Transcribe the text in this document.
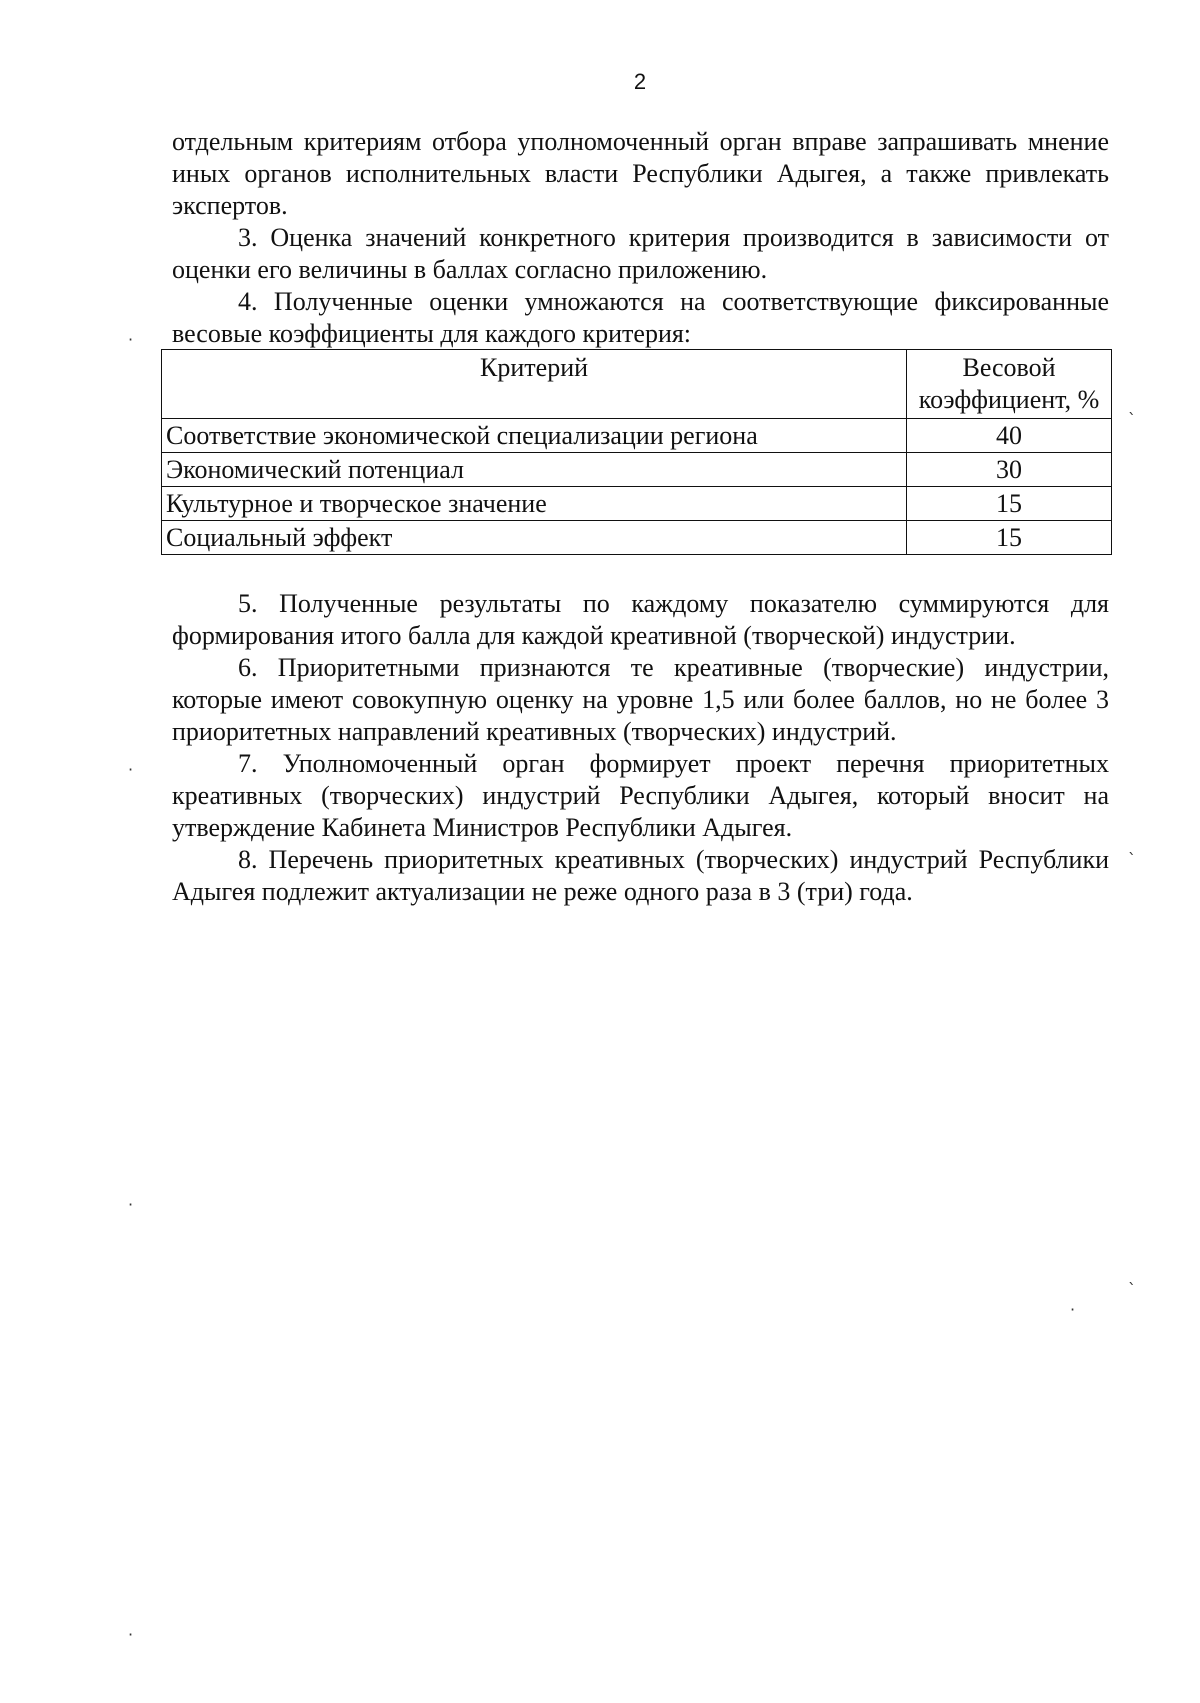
2

отдельным критериям отбора уполномоченный орган вправе запрашивать мнение иных органов исполнительных власти Республики Адыгея, а также привлекать экспертов.

3. Оценка значений конкретного критерия производится в зависимости от оценки его величины в баллах согласно приложению.

4. Полученные оценки умножаются на соответствующие фиксированные весовые коэффициенты для каждого критерия:

Критерий	Весовой коэффициент, %
Соответствие экономической специализации региона	40
Экономический потенциал	30
Культурное и творческое значение	15
Социальный эффект	15

5. Полученные результаты по каждому показателю суммируются для формирования итого балла для каждой креативной (творческой) индустрии.

6. Приоритетными признаются те креативные (творческие) индустрии, которые имеют совокупную оценку на уровне 1,5 или более баллов, но не более 3 приоритетных направлений креативных (творческих) индустрий.

7. Уполномоченный орган формирует проект перечня приоритетных креативных (творческих) индустрий Республики Адыгея, который вносит на утверждение Кабинета Министров Республики Адыгея.

8. Перечень приоритетных креативных (творческих) индустрий Республики Адыгея подлежит актуализации не реже одного раза в 3 (три) года.

·
`
·
`
·
`
·
·
